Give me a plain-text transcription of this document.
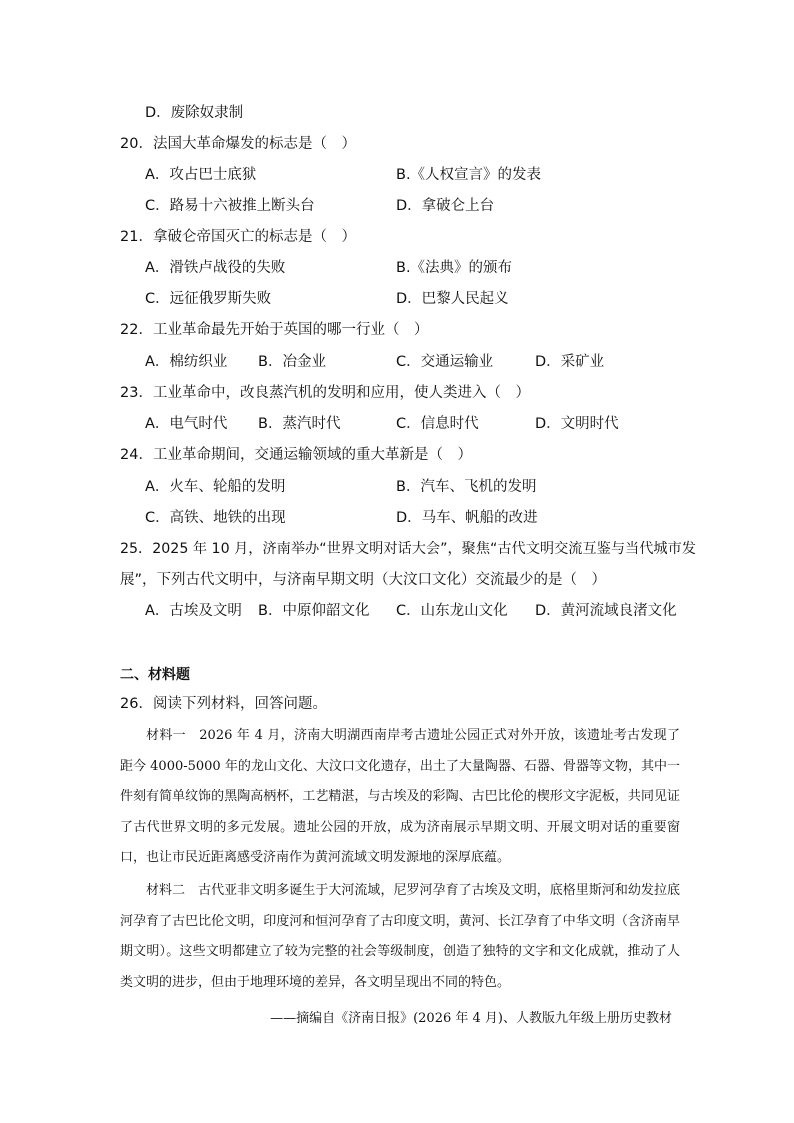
D．废除奴隶制
20．法国大革命爆发的标志是（　）
A．攻占巴士底狱	B.《人权宣言》的发表
C．路易十六被推上断头台	D．拿破仑上台
21．拿破仑帝国灭亡的标志是（　）
A．滑铁卢战役的失败	B.《法典》的颁布
C．远征俄罗斯失败	D．巴黎人民起义
22．工业革命最先开始于英国的哪一行业（　）
A．棉纺织业 B．冶金业	C．交通运输业	D．采矿业
23．工业革命中，改良蒸汽机的发明和应用，使人类进入（　）
A．电气时代 B．蒸汽时代	C．信息时代	D．文明时代
24．工业革命期间，交通运输领域的重大革新是（　）
A．火车、轮船的发明	B．汽车、飞机的发明
C．高铁、地铁的出现	D．马车、帆船的改进
25．2025 年 10 月，济南举办“世界文明对话大会”，聚焦“古代文明交流互鉴与当代城市发
展”，下列古代文明中，与济南早期文明（大汶口文化）交流最少的是（　）
A．古埃及文明 B．中原仰韶文化 C．山东龙山文化 D．黄河流域良渚文化
二、材料题
26．阅读下列材料，回答问题。

材料一　2026 年 4 月，济南大明湖西南岸考古遗址公园正式对外开放，该遗址考古发现了距今 4000-5000 年的龙山文化、大汶口文化遗存，出土了大量陶器、石器、骨器等文物，其中一件刻有简单纹饰的黑陶高柄杯，工艺精湛，与古埃及的彩陶、古巴比伦的楔形文字泥板，共同见证了古代世界文明的多元发展。遗址公园的开放，成为济南展示早期文明、开展文明对话的重要窗口，也让市民近距离感受济南作为黄河流域文明发源地的深厚底蕴。

材料二　古代亚非文明多诞生于大河流域，尼罗河孕育了古埃及文明，底格里斯河和幼发拉底河孕育了古巴比伦文明，印度河和恒河孕育了古印度文明，黄河、长江孕育了中华文明（含济南早期文明）。这些文明都建立了较为完整的社会等级制度，创造了独特的文字和文化成就，推动了人类文明的进步，但由于地理环境的差异，各文明呈现出不同的特色。

——摘编自《济南日报》(2026 年 4 月)、人教版九年级上册历史教材
